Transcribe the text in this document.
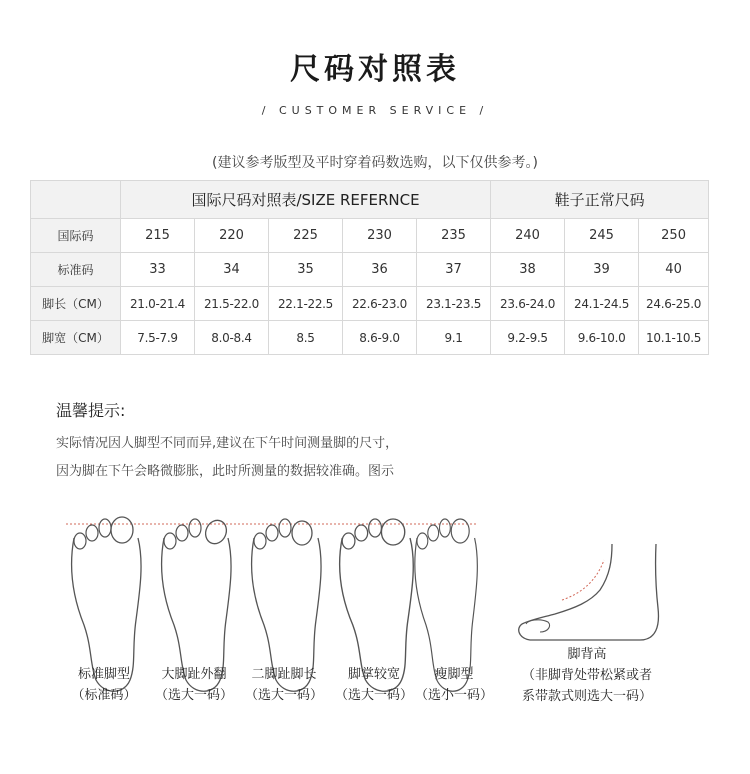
尺码对照表
/ CUSTOMER SERVICE /
(建议参考版型及平时穿着码数选购，以下仅供参考。)
	国际尺码对照表/SIZE REFERNCE					鞋子正常尺码		
国际码	215	220	225	230	235	240	245	250
标准码	33	34	35	36	37	38	39	40
脚长（CM）	21.0-21.4	21.5-22.0	22.1-22.5	22.6-23.0	23.1-23.5	23.6-24.0	24.1-24.5	24.6-25.0
脚宽（CM）	7.5-7.9	8.0-8.4	8.5	8.6-9.0	9.1	9.2-9.5	9.6-10.0	10.1-10.5
温馨提示:
实际情况因人脚型不同而异,建议在下午时间测量脚的尺寸，
因为脚在下午会略微膨胀，此时所测量的数据较准确。图示
标准脚型
（标准码）
大脚趾外翻
（选大一码）
二脚趾脚长
（选大一码）
脚掌较宽
（选大一码）
瘦脚型
（选小一码）
脚背高
（非脚背处带松紧或者
系带款式则选大一码）
